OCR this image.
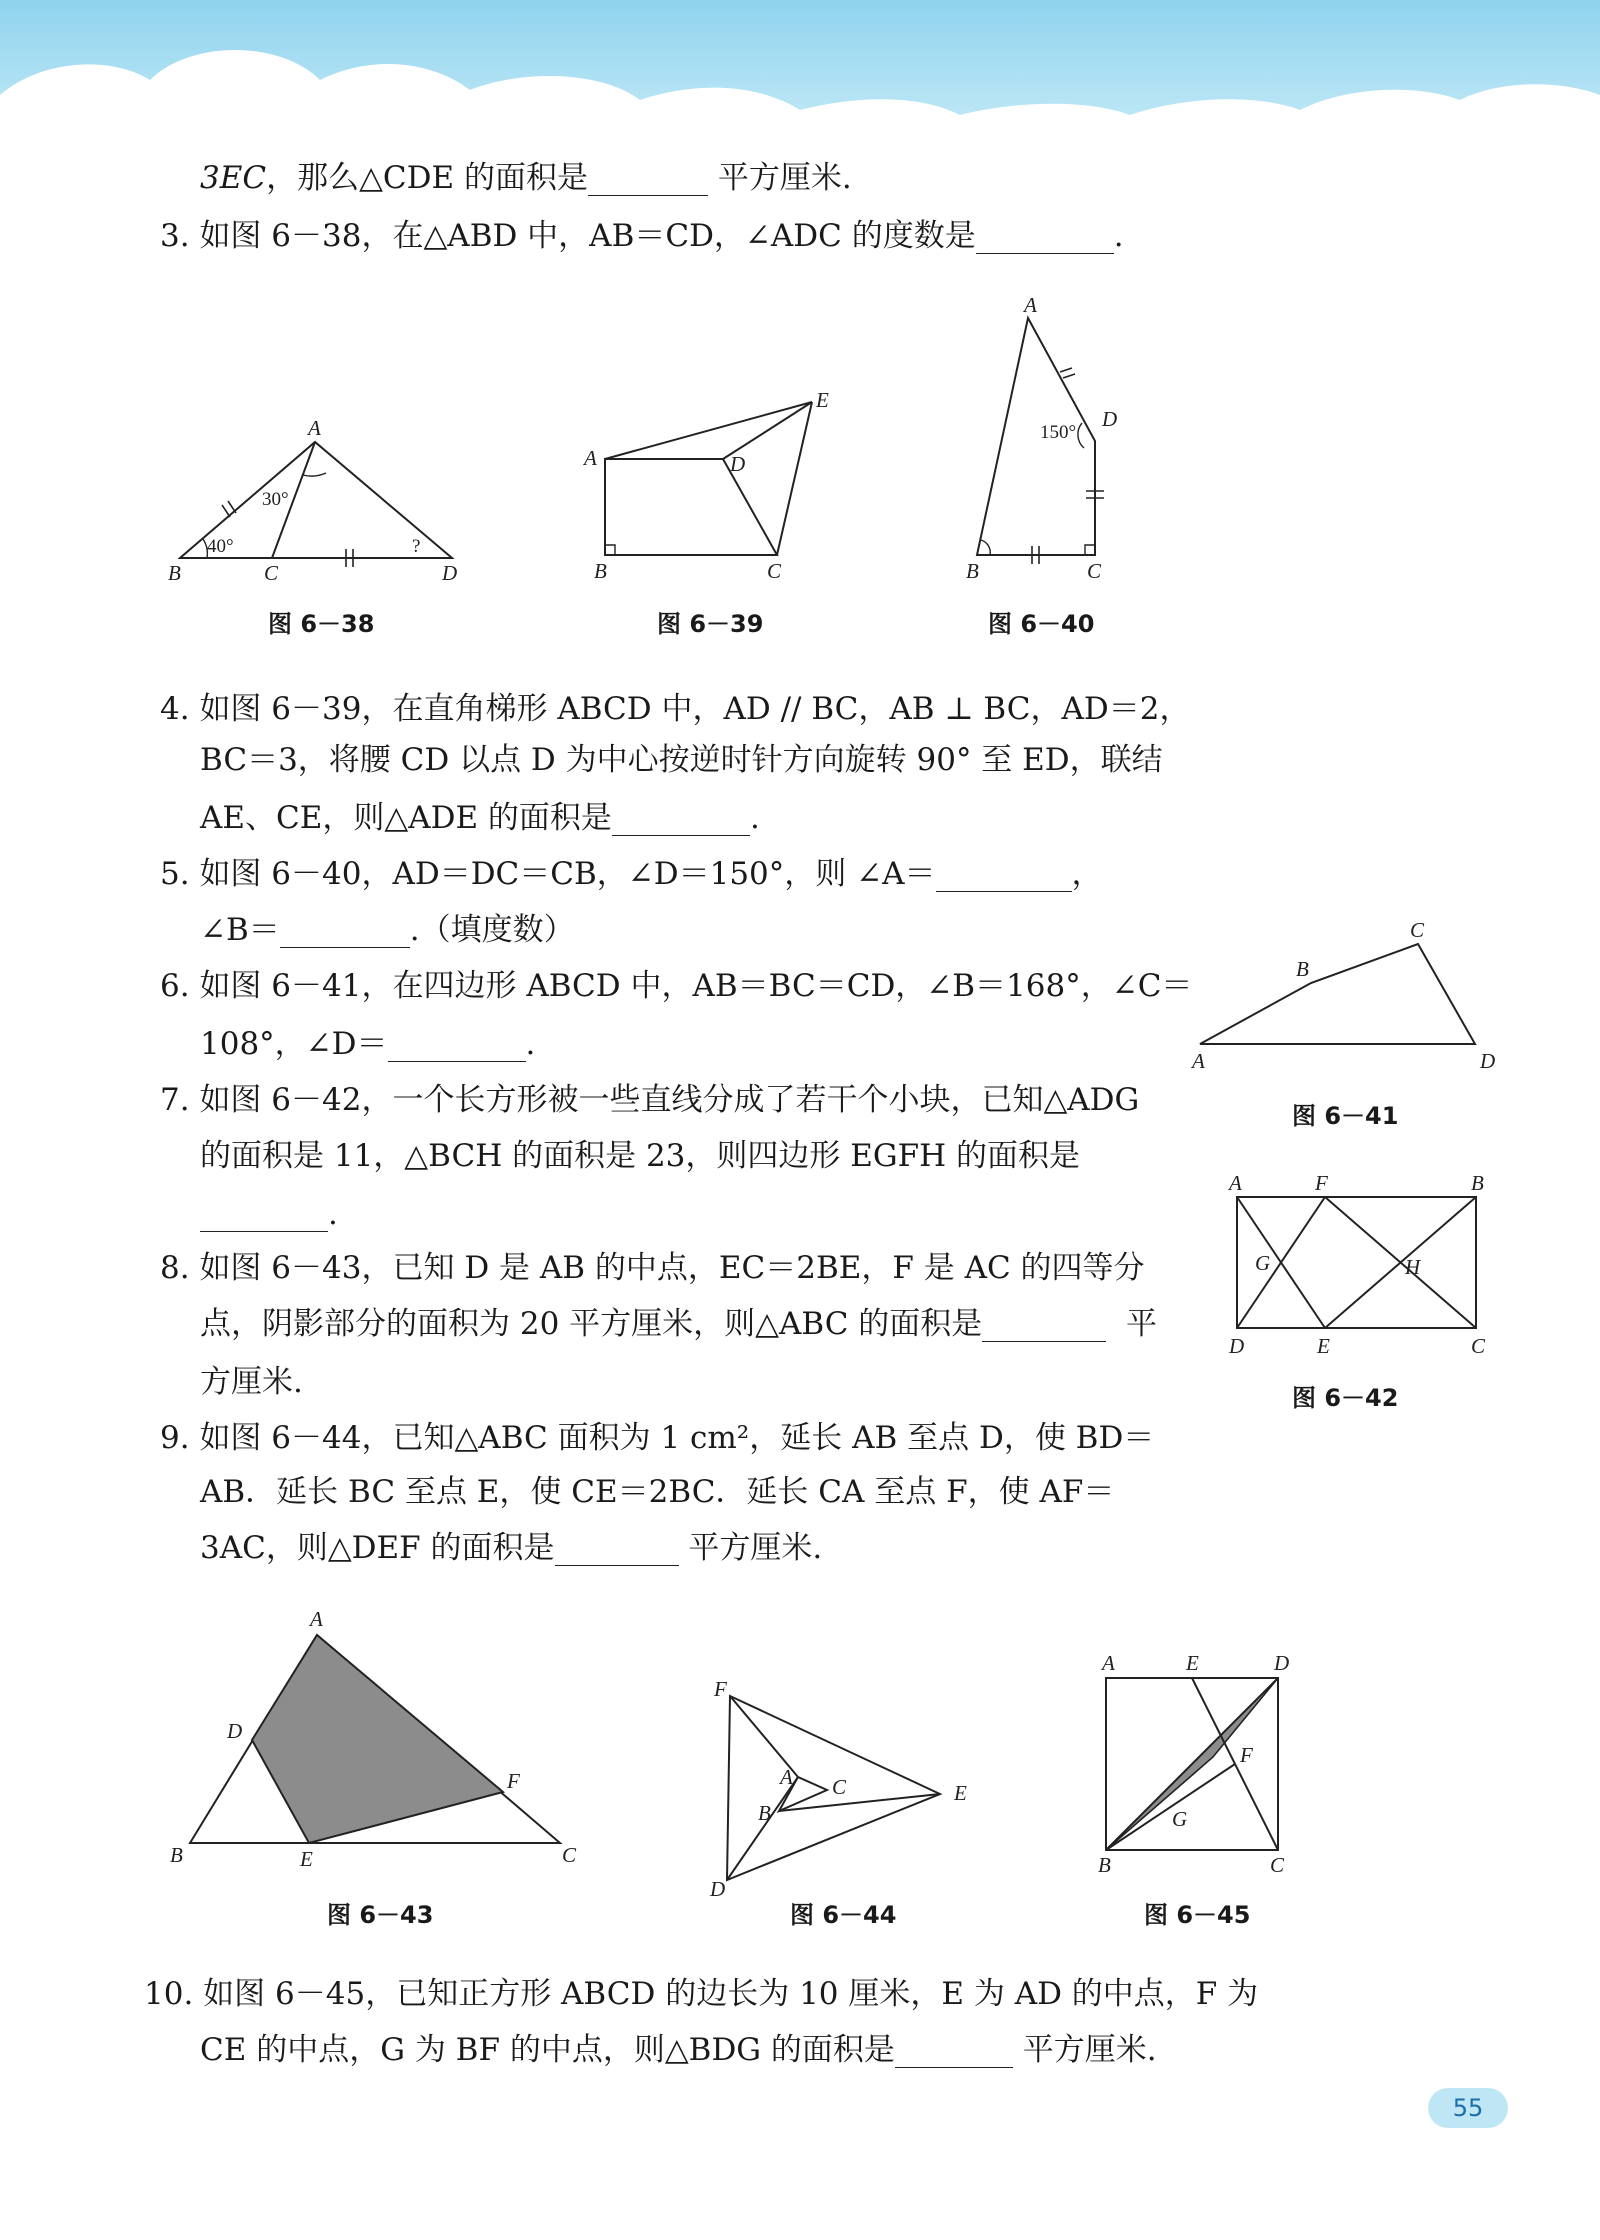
3EC，那么△CDE 的面积是	平方厘米.
3. 如图 6－38，在△ABD 中，AB＝CD，∠ADC 的度数是	.
A
B	C	D
30°
40°	?
图 6－38
A	D
E
B	C
图 6－39
A
D
B	C
150°
图 6－40
4. 如图 6－39，在直角梯形 ABCD 中，AD // BC，AB ⊥ BC，AD＝2，
BC＝3，将腰 CD 以点 D 为中心按逆时针方向旋转 90° 至 ED，联结
AE、CE，则△ADE 的面积是	.
5. 如图 6－40，AD＝DC＝CB，∠D＝150°，则 ∠A＝	，
∠B＝	.（填度数）
6. 如图 6－41，在四边形 ABCD 中，AB＝BC＝CD，∠B＝168°，∠C＝
108°，∠D＝	.	A
B
C
D
图 6－41
7. 如图 6－42，一个长方形被一些直线分成了若干个小块，已知△ADG
的面积是 11，△BCH 的面积是 23，则四边形 EGFH 的面积是
.
A	F	B
G	H
D	E	C
图 6－42
8. 如图 6－43，已知 D 是 AB 的中点，EC＝2BE，F 是 AC 的四等分
点，阴影部分的面积为 20 平方厘米，则△ABC 的面积是	平
方厘米.
9. 如图 6－44，已知△ABC 面积为 1 cm²，延长 AB 至点 D，使 BD＝
AB．延长 BC 至点 E，使 CE＝2BC．延长 CA 至点 F，使 AF＝
3AC，则△DEF 的面积是	平方厘米.
A
D
F
B	E	C
图 6－43
F
A C
B
E
D
图 6－44
A	E	D
F
G
B	C
图 6－45
10. 如图 6－45，已知正方形 ABCD 的边长为 10 厘米，E 为 AD 的中点，F 为
CE 的中点，G 为 BF 的中点，则△BDG 的面积是	平方厘米.
55
